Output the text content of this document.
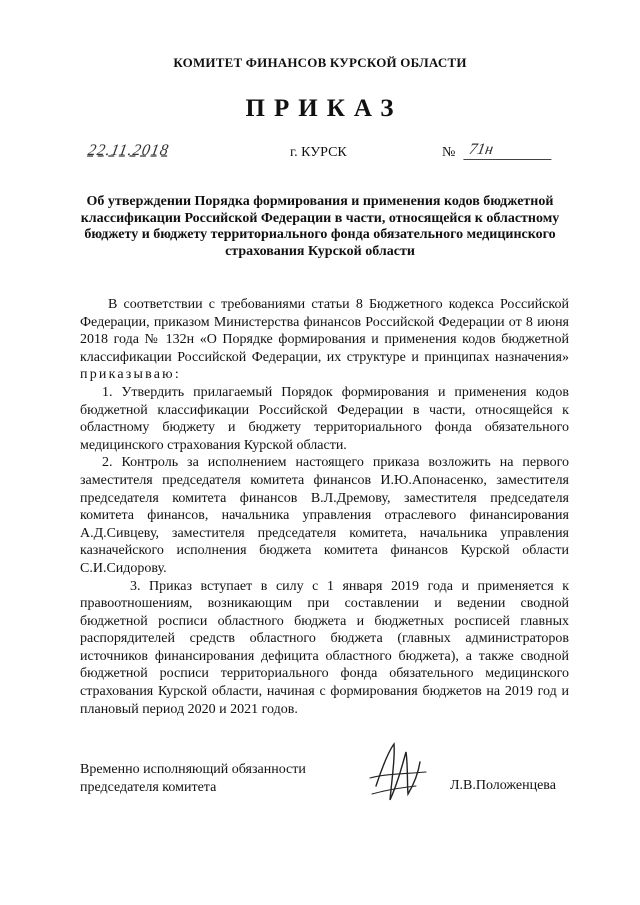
КОМИТЕТ ФИНАНСОВ КУРСКОЙ ОБЛАСТИ
ПРИКАЗ
22.11.2018	г. КУРСК	№ 71н
Об утверждении Порядка формирования и применения кодов бюджетной классификации Российской Федерации в части, относящейся к областному бюджету и бюджету территориального фонда обязательного медицинского страхования Курской области

В соответствии с требованиями статьи 8 Бюджетного кодекса Российской Федерации, приказом Министерства финансов Российской Федерации от 8 июня 2018 года № 132н «О Порядке формирования и применения кодов бюджетной классификации Российской Федерации, их структуре и принципах назначения» приказываю:

1. Утвердить прилагаемый Порядок формирования и применения кодов бюджетной классификации Российской Федерации в части, относящейся к областному бюджету и бюджету территориального фонда обязательного медицинского страхования Курской области.

2. Контроль за исполнением настоящего приказа возложить на первого заместителя председателя комитета финансов И.Ю.Апонасенко, заместителя председателя комитета финансов В.Л.Дремову, заместителя председателя комитета финансов, начальника управления отраслевого финансирования А.Д.Сивцеву, заместителя председателя комитета, начальника управления казначейского исполнения бюджета комитета финансов Курской области С.И.Сидорову.

3. Приказ вступает в силу с 1 января 2019 года и применяется к правоотношениям, возникающим при составлении и ведении сводной бюджетной росписи областного бюджета и бюджетных росписей главных распорядителей средств областного бюджета (главных администраторов источников финансирования дефицита областного бюджета), а также сводной бюджетной росписи территориального фонда обязательного медицинского страхования Курской области, начиная с формирования бюджетов на 2019 год и плановый период 2020 и 2021 годов.

Временно исполняющий обязанности
председателя комитета	Л.В.Положенцева
